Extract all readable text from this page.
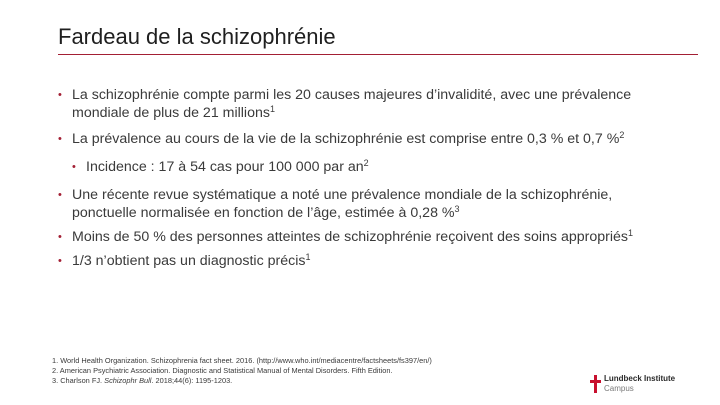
Fardeau de la schizophrénie
• La schizophrénie compte parmi les 20 causes majeures d’invalidité, avec une prévalence mondiale de plus de 21 millions$^1$
• La prévalence au cours de la vie de la schizophrénie est comprise entre 0,3 % et 0,7 %$^2$
• Incidence : 17 à 54 cas pour 100 000 par $an^2$
• Une récente revue systématique a noté une prévalence mondiale de la schizophrénie, ponctuelle normalisée en fonction de l’âge, estimée à 0,28 %$^3$
• Moins de 50 % des personnes atteintes de schizophrénie reçoivent des soins appropriés$^1$
• 1/3 n’obtient pas un diagnostic précis$^1$
1. World Health Organization. Schizophrenia fact sheet. 2016. (http://www.who.int/mediacentre/factsheets/fs397/en/)
2. American Psychiatric Association. Diagnostic and Statistical Manual of Mental Disorders. Fifth Edition.
3. Charlson FJ. Schizophr Bull. 2018;44(6): 1195-1203.	Lundbeck Institute
Campus
